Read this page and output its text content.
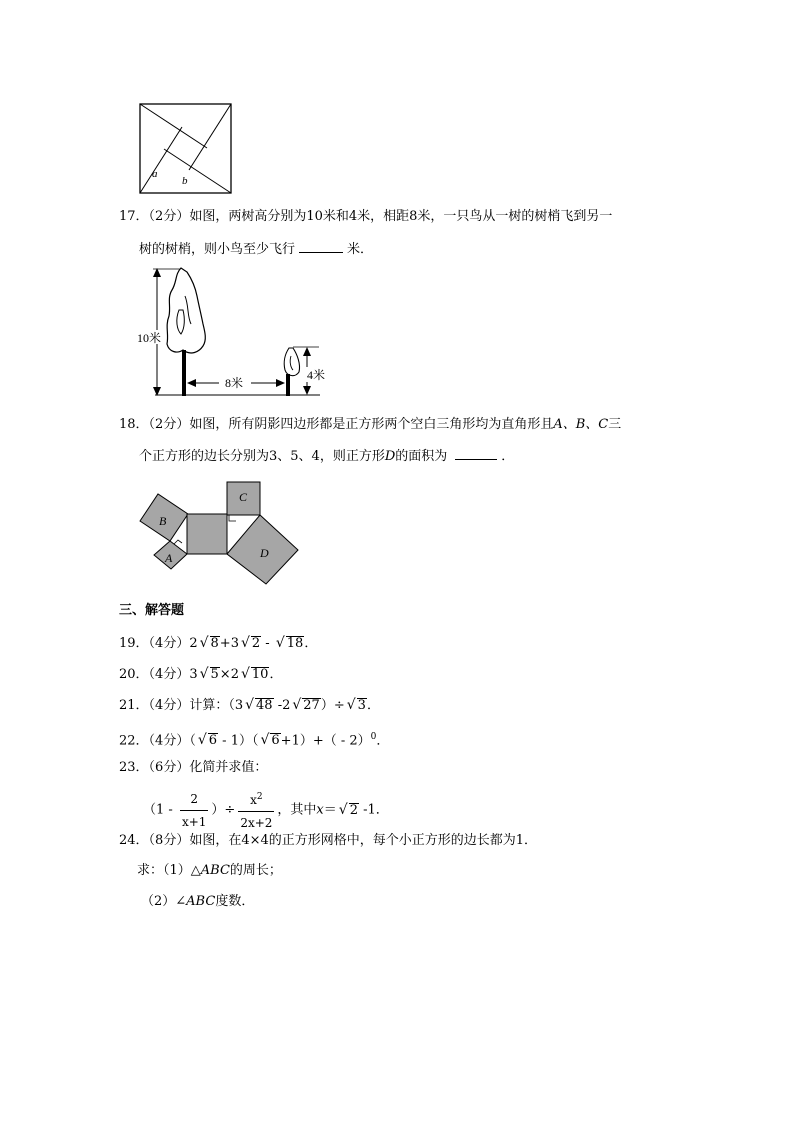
a
b
17．（2分）如图，两树高分别为10米和4米，相距8米，一只鸟从一树的树梢飞到另一
树的树梢，则小鸟至少飞行	米．
10米
8米
4米
18．（2分）如图，所有阴影四边形都是正方形两个空白三角形均为直角形且A、B、C三
个正方形的边长分别为3、5、4，则正方形D的面积为	．
B
A
C
D
三、解答题
19．（4分）2 √ 8+3 √ 2 - √ 18．
20．（4分）3 √ 5×2 √ 10．
21．（4分）计算：（3 √ 48 -2 √ 27）÷ √ 3．
22．（4分）（ √ 6 - 1）（ √ 6+1）+（ - 2）$^0$．
23．（6分）化简并求值：
（$1 - \frac{2}{x+1}$ ）÷ $\frac{x^2}{2x+2}$ ，其中x＝ √ 2 -1．
24．（8分）如图，在4×4的正方形网格中，每个小正方形的边长都为1．
求：（1）△ABC的周长；
（2）∠ABC度数．
